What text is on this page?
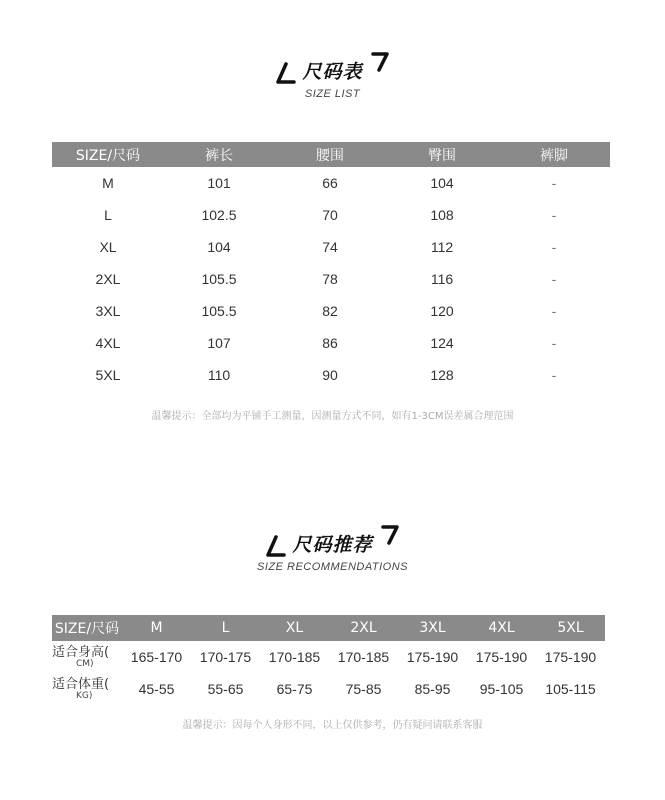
尺码表
SIZE LIST
SIZE/尺码	裤长	腰围	臀围	裤脚
M	101	66	104	-
L	102.5	70	108	-
XL	104	74	112	-
2XL	105.5	78	116	-
3XL	105.5	82	120	-
4XL	107	86	124	-
5XL	110	90	128	-
温馨提示：全部均为平铺手工测量，因测量方式不同，如有1-3CM误差属合理范围
尺码推荐
SIZE RECOMMENDATIONS
SIZE/尺码	M	L	XL	2XL	3XL	4XL	5XL
适合身高(
CM)	165-170	170-175	170-185	170-185	175-190	175-190	175-190
适合体重(
KG)	45-55	55-65	65-75	75-85	85-95	95-105	105-115
温馨提示：因每个人身形不同，以上仅供参考，仍有疑问请联系客服
